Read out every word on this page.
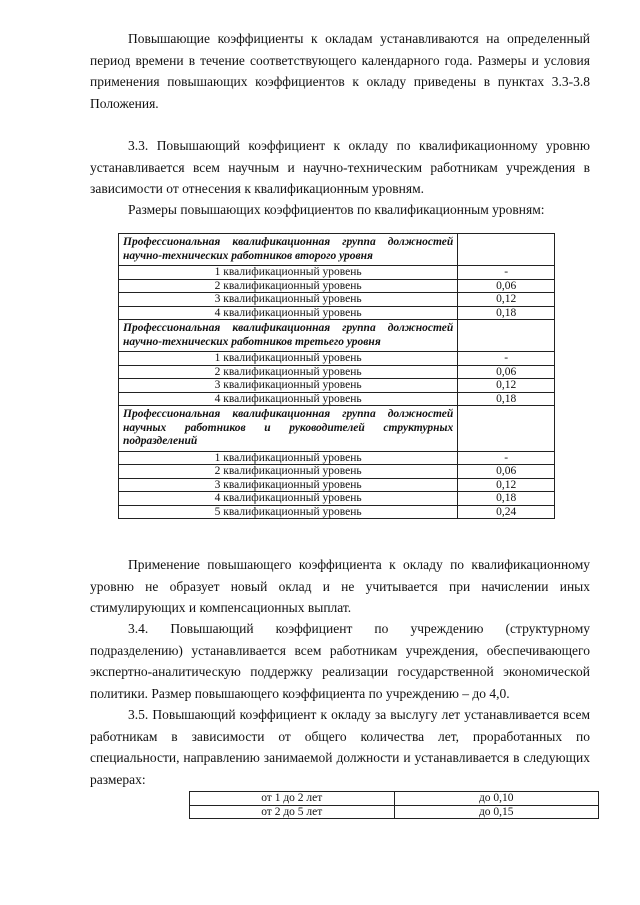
Повышающие коэффициенты к окладам устанавливаются на определенный период времени в течение соответствующего календарного года. Размеры и условия применения повышающих коэффициентов к окладу приведены в пунктах 3.3-3.8 Положения.

3.3. Повышающий коэффициент к окладу по квалификационному уровню устанавливается всем научным и научно-техническим работникам учреждения в зависимости от отнесения к квалификационным уровням.

Размеры повышающих коэффициентов по квалификационным уровням:

Профессиональная квалификационная группа должностей научно-технических работников второго уровня	
1 квалификационный уровень	-
2 квалификационный уровень	0,06
3 квалификационный уровень	0,12
4 квалификационный уровень	0,18
Профессиональная квалификационная группа должностей научно-технических работников третьего уровня	
1 квалификационный уровень	-
2 квалификационный уровень	0,06
3 квалификационный уровень	0,12
4 квалификационный уровень	0,18
Профессиональная квалификационная группа должностей научных работников и руководителей структурных подразделений	
1 квалификационный уровень	-
2 квалификационный уровень	0,06
3 квалификационный уровень	0,12
4 квалификационный уровень	0,18
5 квалификационный уровень	0,24

Применение повышающего коэффициента к окладу по квалификационному уровню не образует новый оклад и не учитывается при начислении иных стимулирующих и компенсационных выплат.

3.4. Повышающий коэффициент по учреждению (структурному подразделению) устанавливается всем работникам учреждения, обеспечивающего экспертно-аналитическую поддержку реализации государственной экономической политики. Размер повышающего коэффициента по учреждению – до 4,0.

3.5. Повышающий коэффициент к окладу за выслугу лет устанавливается всем работникам в зависимости от общего количества лет, проработанных по специальности, направлению занимаемой должности и устанавливается в следующих размерах:

от 1 до 2 лет	до 0,10
от 2 до 5 лет	до 0,15
